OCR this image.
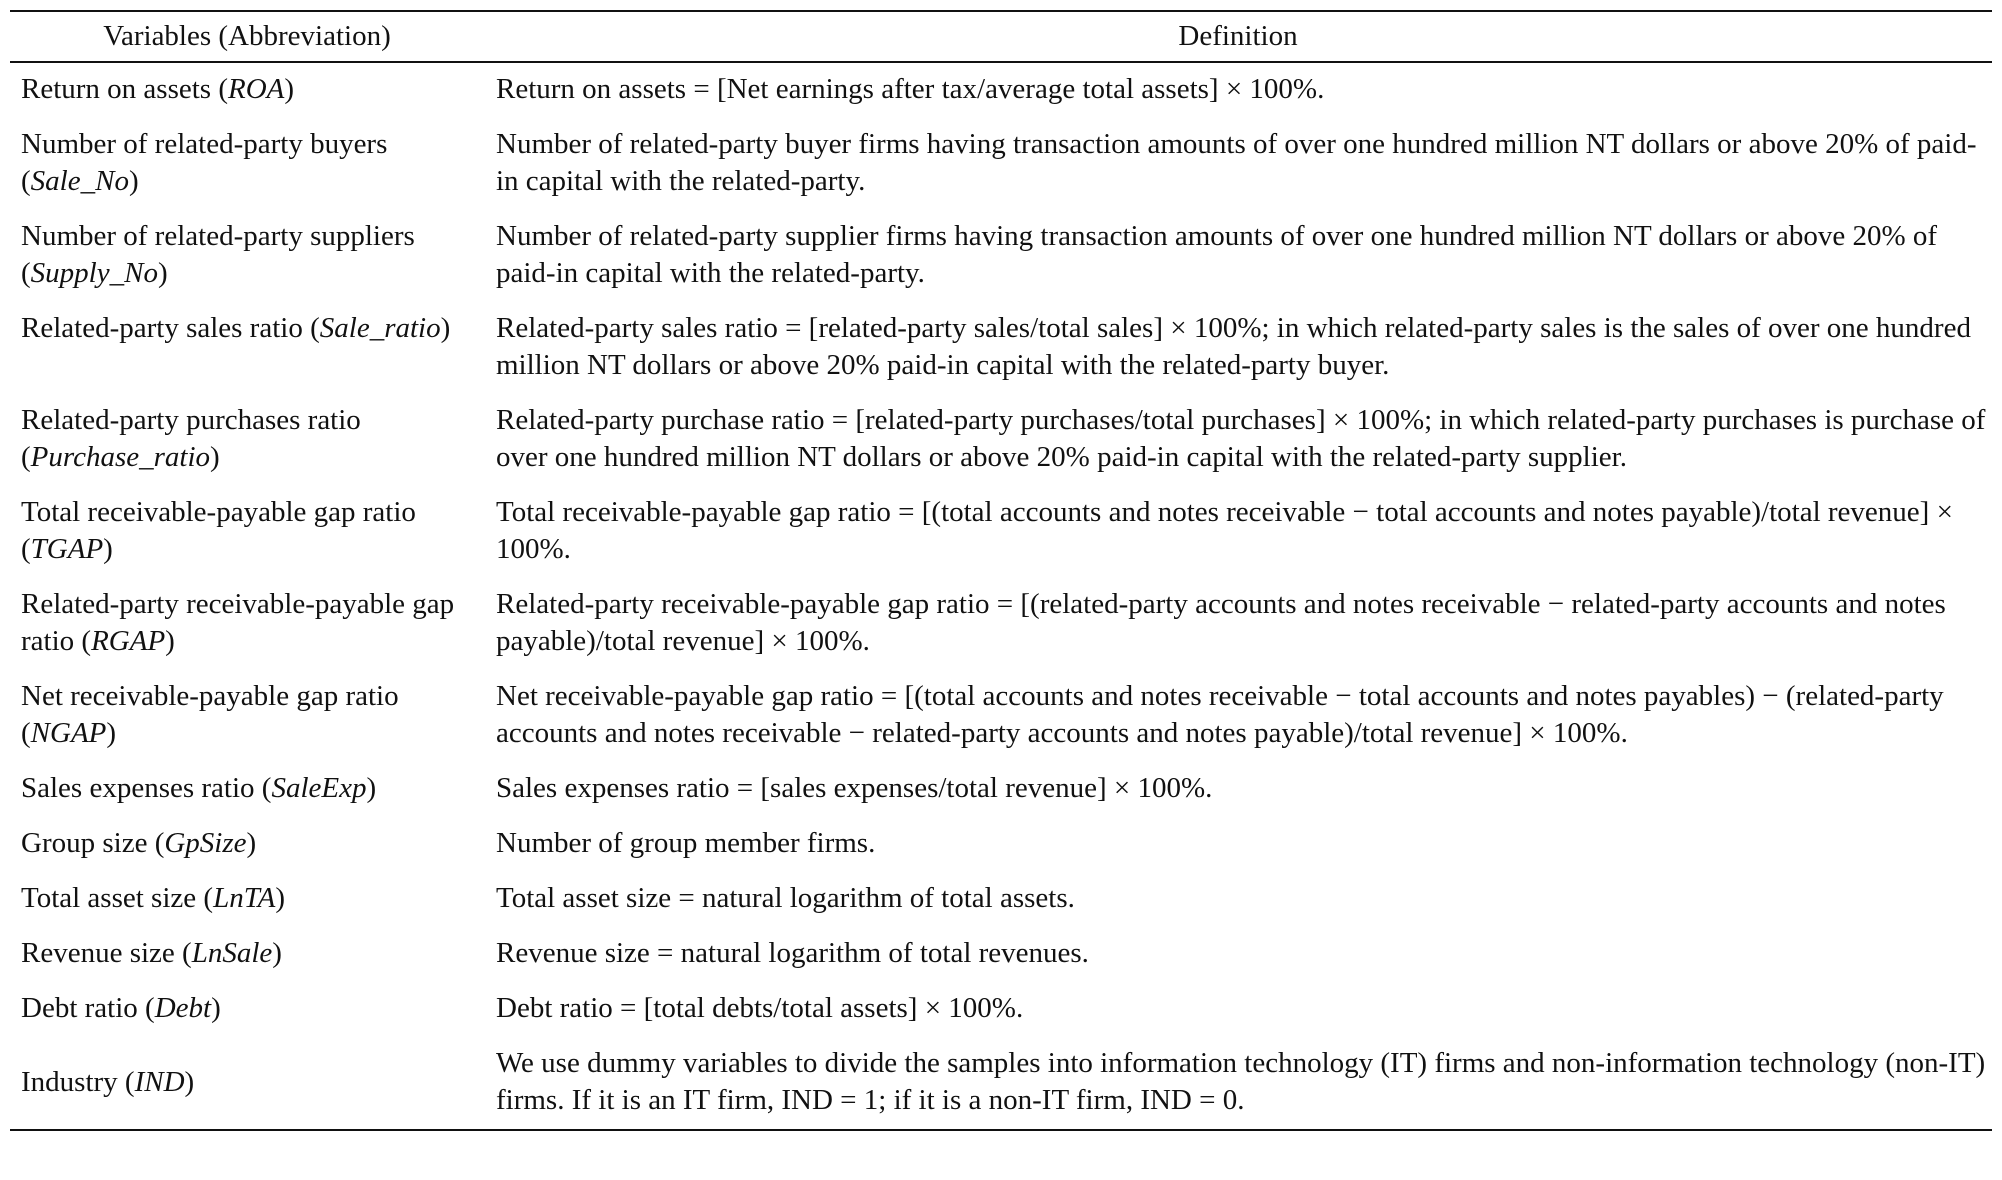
Variables (Abbreviation)	Definition
Return on assets (ROA)	Return on assets = [Net earnings after tax/average total assets] × 100%.
Number of related-party buyers (Sale_No)	Number of related-party buyer firms having transaction amounts of over one hundred million NT dollars or above 20% of paid-in capital with the related-party.
Number of related-party suppliers (Supply_No)	Number of related-party supplier firms having transaction amounts of over one hundred million NT dollars or above 20% of paid-in capital with the related-party.
Related-party sales ratio (Sale_ratio)	Related-party sales ratio = [related-party sales/total sales] × 100%; in which related-party sales is the sales of over one hundred million NT dollars or above 20% paid-in capital with the related-party buyer.
Related-party purchases ratio (Purchase_ratio)	Related-party purchase ratio = [related-party purchases/total purchases] × 100%; in which related-party purchases is purchase of over one hundred million NT dollars or above 20% paid-in capital with the related-party supplier.
Total receivable-payable gap ratio (TGAP)	Total receivable-payable gap ratio = [(total accounts and notes receivable − total accounts and notes payable)/total revenue] × 100%.
Related-party receivable-payable gap ratio (RGAP)	Related-party receivable-payable gap ratio = [(related-party accounts and notes receivable − related-party accounts and notes payable)/total revenue] × 100%.
Net receivable-payable gap ratio (NGAP)	Net receivable-payable gap ratio = [(total accounts and notes receivable − total accounts and notes payables) − (related-party accounts and notes receivable − related-party accounts and notes payable)/total revenue] × 100%.
Sales expenses ratio (SaleExp)	Sales expenses ratio = [sales expenses/total revenue] × 100%.
Group size (GpSize)	Number of group member firms.
Total asset size (LnTA)	Total asset size = natural logarithm of total assets.
Revenue size (LnSale)	Revenue size = natural logarithm of total revenues.
Debt ratio (Debt)	Debt ratio = [total debts/total assets] × 100%.
Industry (IND)	We use dummy variables to divide the samples into information technology (IT) firms and non-information technology (non-IT) firms. If it is an IT firm, IND = 1; if it is a non-IT firm, IND = 0.
